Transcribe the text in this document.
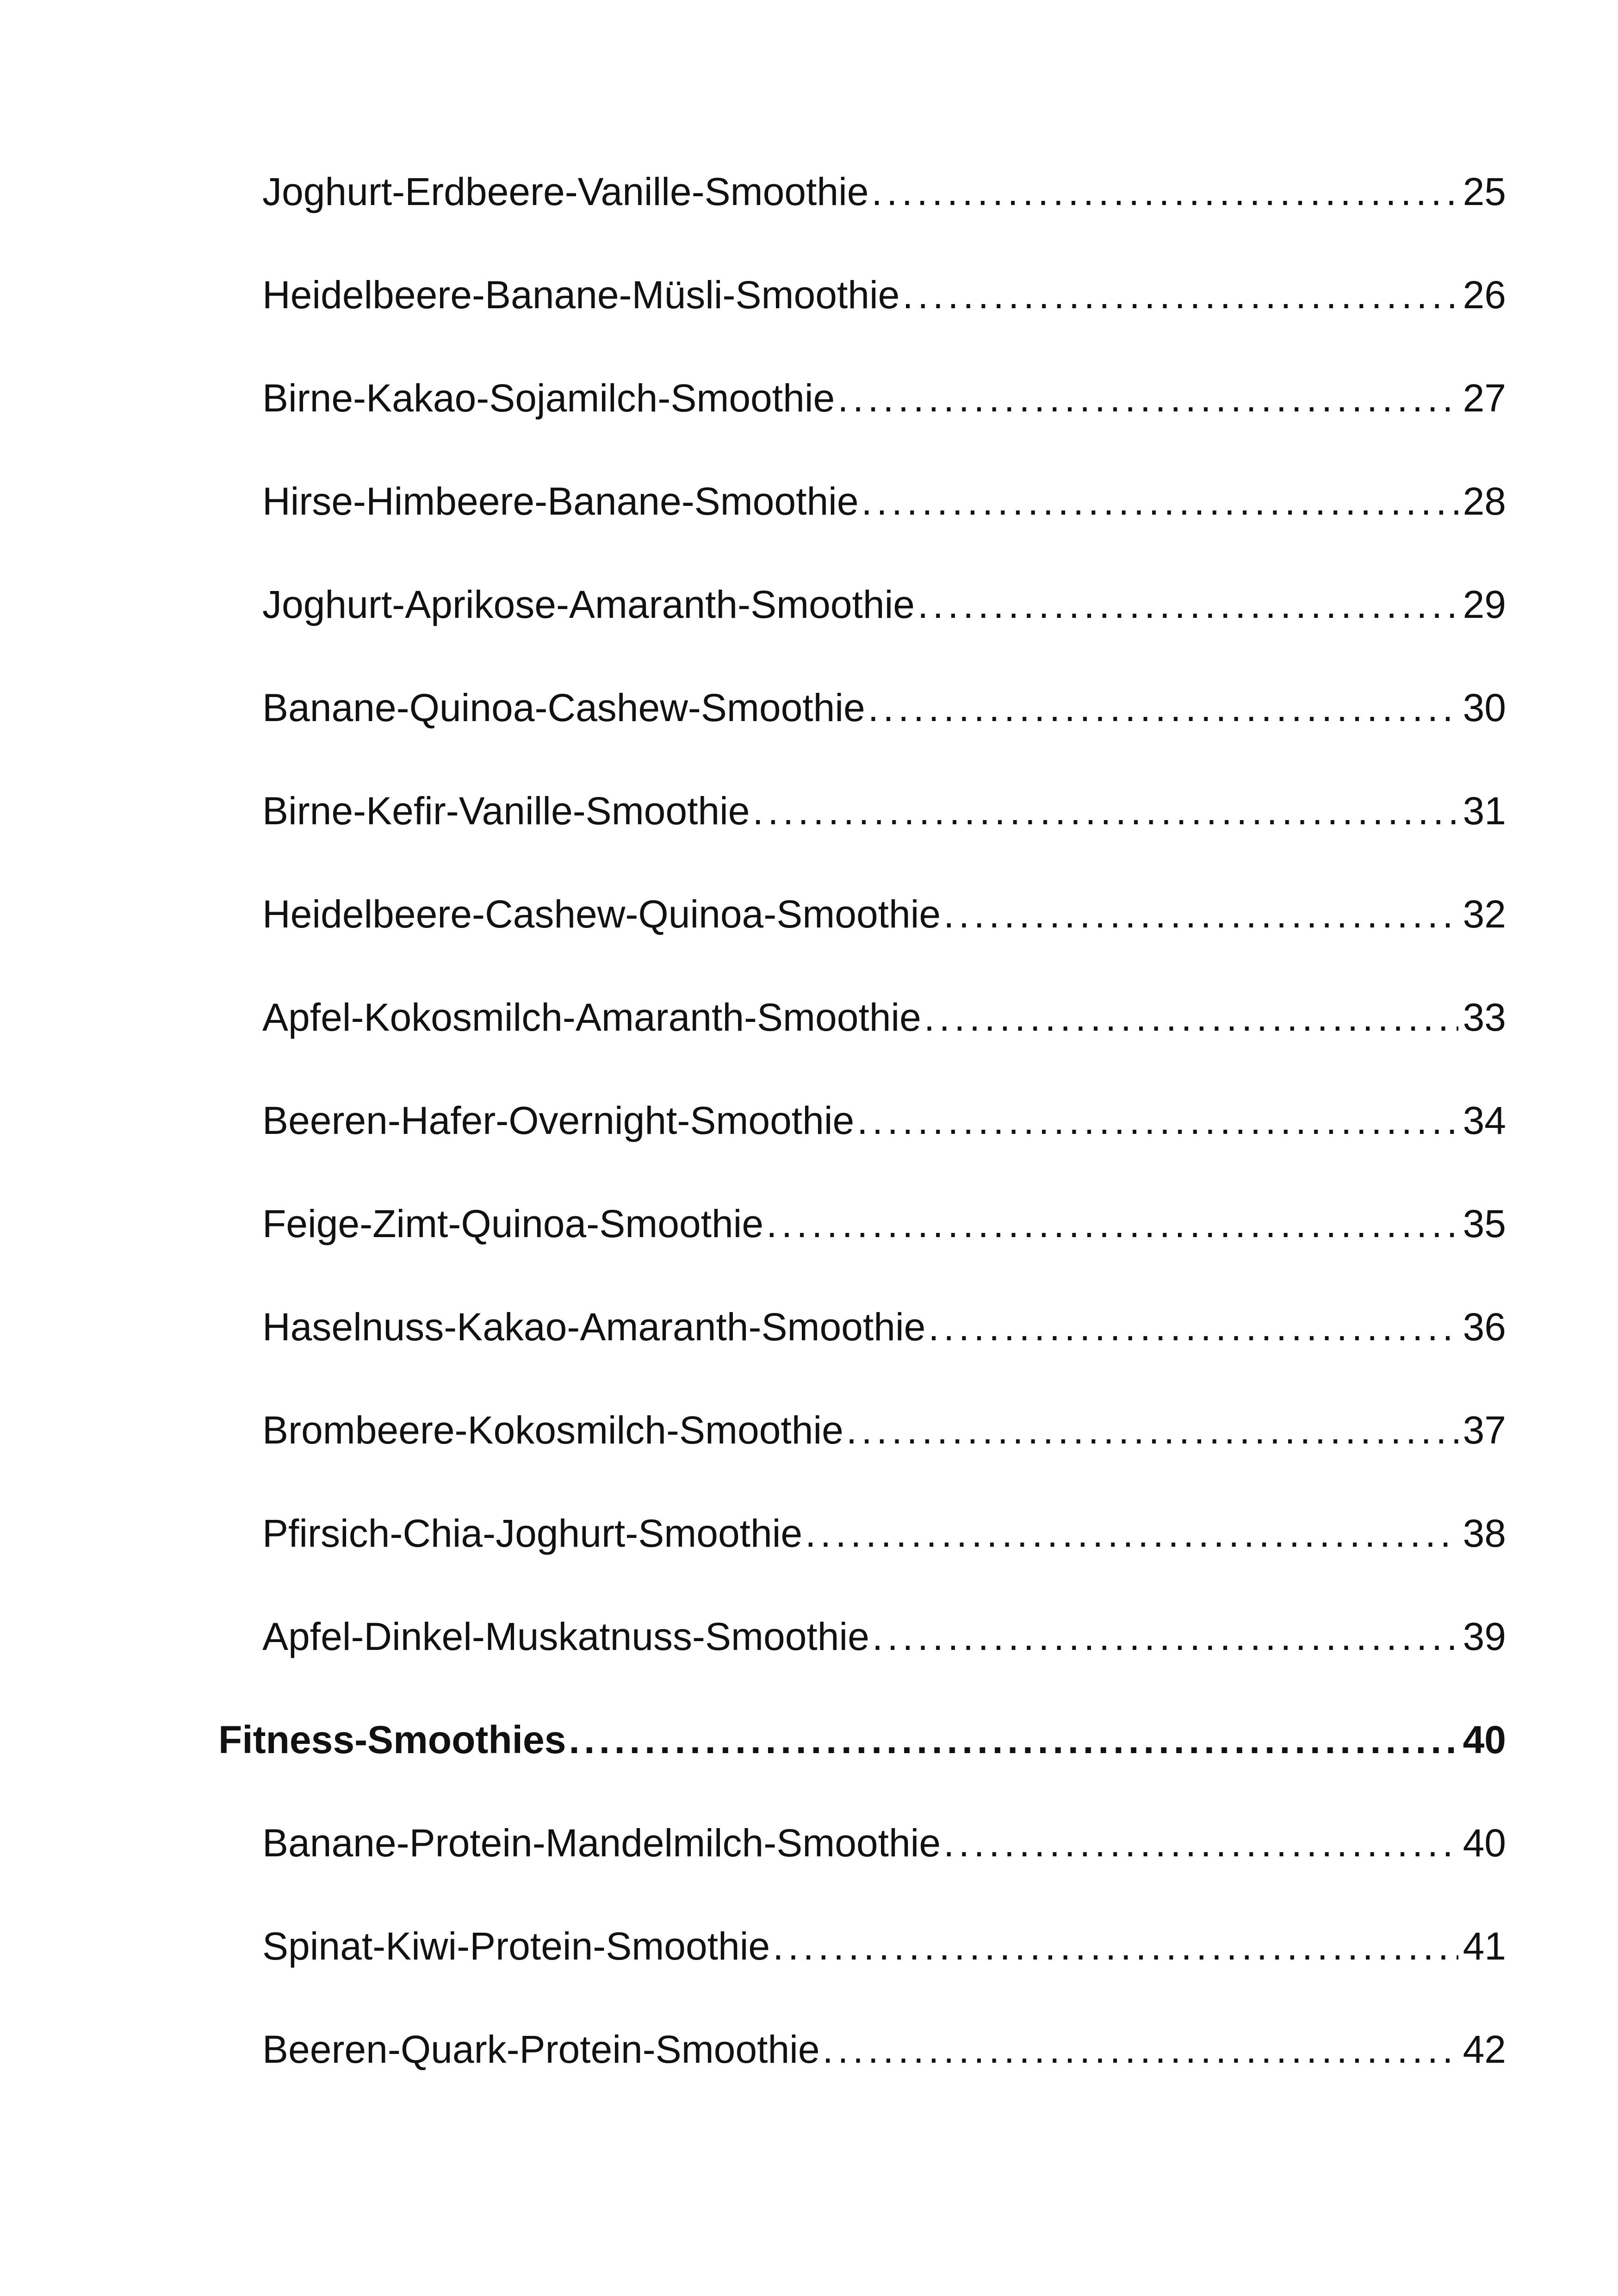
Joghurt-Erdbeere-Vanille-Smoothie . . .	25
Heidelbeere-Banane-Müsli-Smoothie . . .	26
Birne-Kakao-Sojamilch-Smoothie . . .	27
Hirse-Himbeere-Banane-Smoothie . . .	28
Joghurt-Aprikose-Amaranth-Smoothie . . .	29
Banane-Quinoa-Cashew-Smoothie . . .	30
Birne-Kefir-Vanille-Smoothie . . .	31
Heidelbeere-Cashew-Quinoa-Smoothie . . .	32
Apfel-Kokosmilch-Amaranth-Smoothie . . .	33
Beeren-Hafer-Overnight-Smoothie . . .	34
Feige-Zimt-Quinoa-Smoothie . . .	35
Haselnuss-Kakao-Amaranth-Smoothie . . .	36
Brombeere-Kokosmilch-Smoothie . . .	37
Pfirsich-Chia-Joghurt-Smoothie . . .	38
Apfel-Dinkel-Muskatnuss-Smoothie . . .	39
Fitness-Smoothies . . .	40
Banane-Protein-Mandelmilch-Smoothie . . .	40
Spinat-Kiwi-Protein-Smoothie . . .	41
Beeren-Quark-Protein-Smoothie . . .	42
